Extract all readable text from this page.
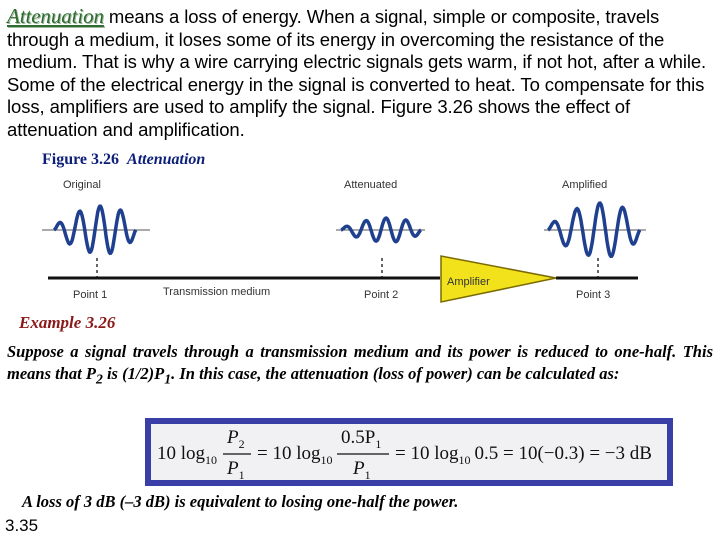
Attenuation means a loss of energy. When a signal, simple or composite, travels through a medium, it loses some of its energy in overcoming the resistance of the medium. That is why a wire carrying electric signals gets warm, if not hot, after a while. Some of the electrical energy in the signal is converted to heat. To compensate for this loss, amplifiers are used to amplify the signal. Figure 3.26 shows the effect of attenuation and amplification.

Figure 3.26 Attenuation

Original	Attenuated	Amplified
Point 1	Transmission medium	Point 2
Amplifier
Point 3

Example 3.26

Suppose a signal travels through a transmission medium and its power is reduced to one-half. This means that $P_2$ is $(1/2)P_1$. In this case, the attenuation (loss of power) can be calculated as:

10 $\log_{10}$
$P_2$
$P_1$
= 10 $\log_{10}$
$0.5P_1$
$P_1$
= 10 $\log_{10} 0.5 = 10(-0.3) = -3$ dB

A loss of 3 dB (–3 dB) is equivalent to losing one-half the power.

3.35
